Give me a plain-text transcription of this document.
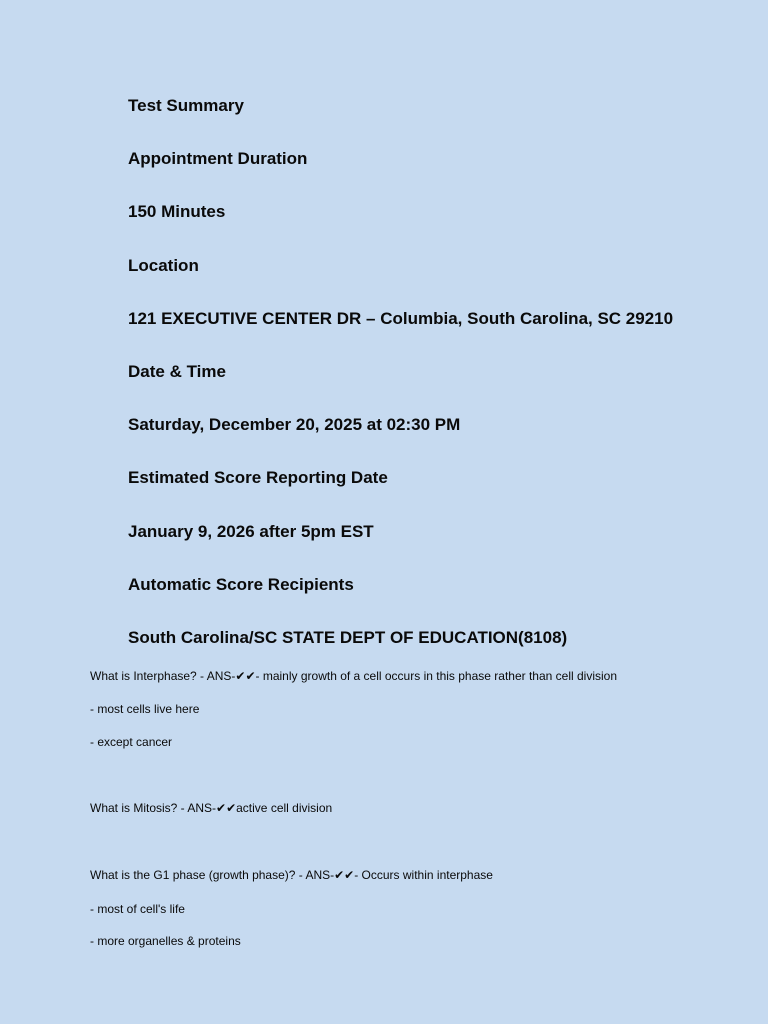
Test Summary
Appointment Duration
150 Minutes
Location
121 EXECUTIVE CENTER DR – Columbia, South Carolina, SC 29210
Date & Time
Saturday, December 20, 2025 at 02:30 PM
Estimated Score Reporting Date
January 9, 2026 after 5pm EST
Automatic Score Recipients
South Carolina/SC STATE DEPT OF EDUCATION(8108)
What is Interphase? - ANS-✔✔- mainly growth of a cell occurs in this phase rather than cell division
- most cells live here
- except cancer
What is Mitosis? - ANS-✔✔active cell division
What is the G1 phase (growth phase)? - ANS-✔✔- Occurs within interphase
- most of cell's life
- more organelles & proteins
